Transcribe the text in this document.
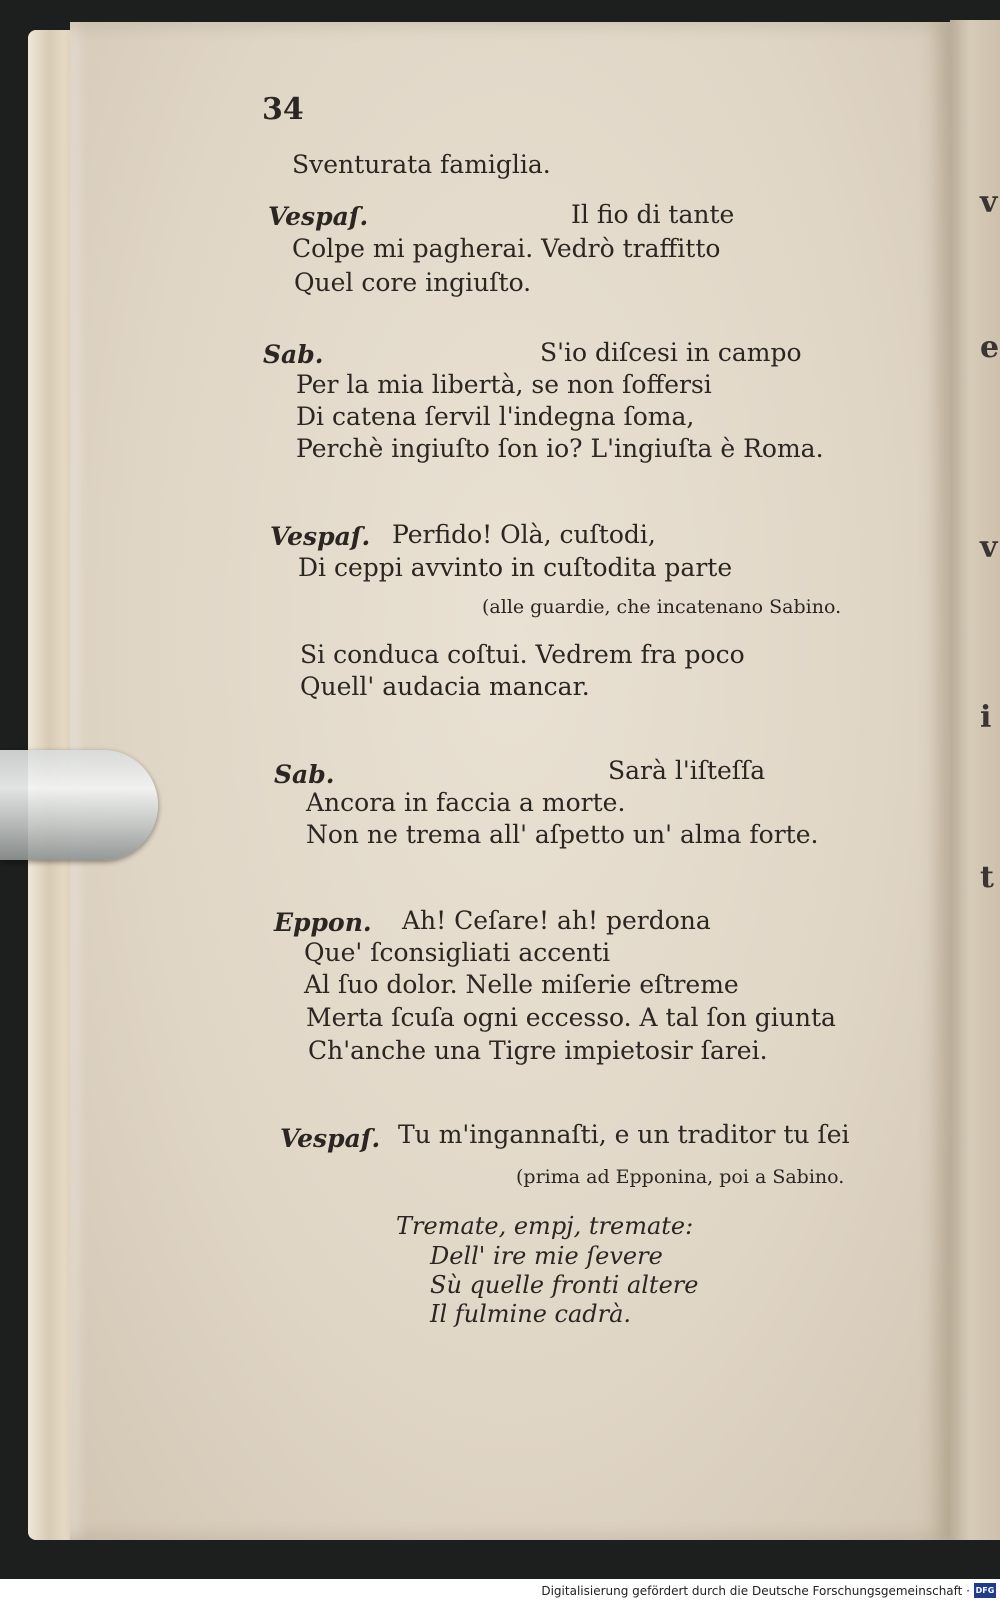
v
e
v
i
t
34
Sventurata famiglia.
Vespaſ.	Il fio di tante
Colpe mi pagherai. Vedrò traffitto
Quel core ingiuſto.
Sab.	S'io diſcesi in campo
Per la mia libertà, se non ſoffersi
Di catena ſervil l'indegna ſoma,
Perchè ingiuſto ſon io? L'ingiuſta è Roma.
Vespaſ. Perfido! Olà, cuſtodi,
Di ceppi avvinto in cuſtodita parte
(alle guardie, che incatenano Sabino.
Si conduca coſtui. Vedrem fra poco
Quell' audacia mancar.
Sab.	Sarà l'iſteſſa
Ancora in faccia a morte.
Non ne trema all' aſpetto un' alma forte.
Eppon. Ah! Ceſare! ah! perdona
Que' ſconsigliati accenti
Al ſuo dolor. Nelle miſerie eſtreme
Merta ſcuſa ogni eccesso. A tal ſon giunta
Ch'anche una Tigre impietosir ſarei.
Vespaſ. Tu m'ingannaſti, e un traditor tu ſei
(prima ad Epponina, poi a Sabino.
Tremate, empj, tremate:
Dell' ire mie ſevere
Sù quelle fronti altere
Il fulmine cadrà.
Digitalisierung gefördert durch die Deutsche Forschungsgemeinschaft · DFG
